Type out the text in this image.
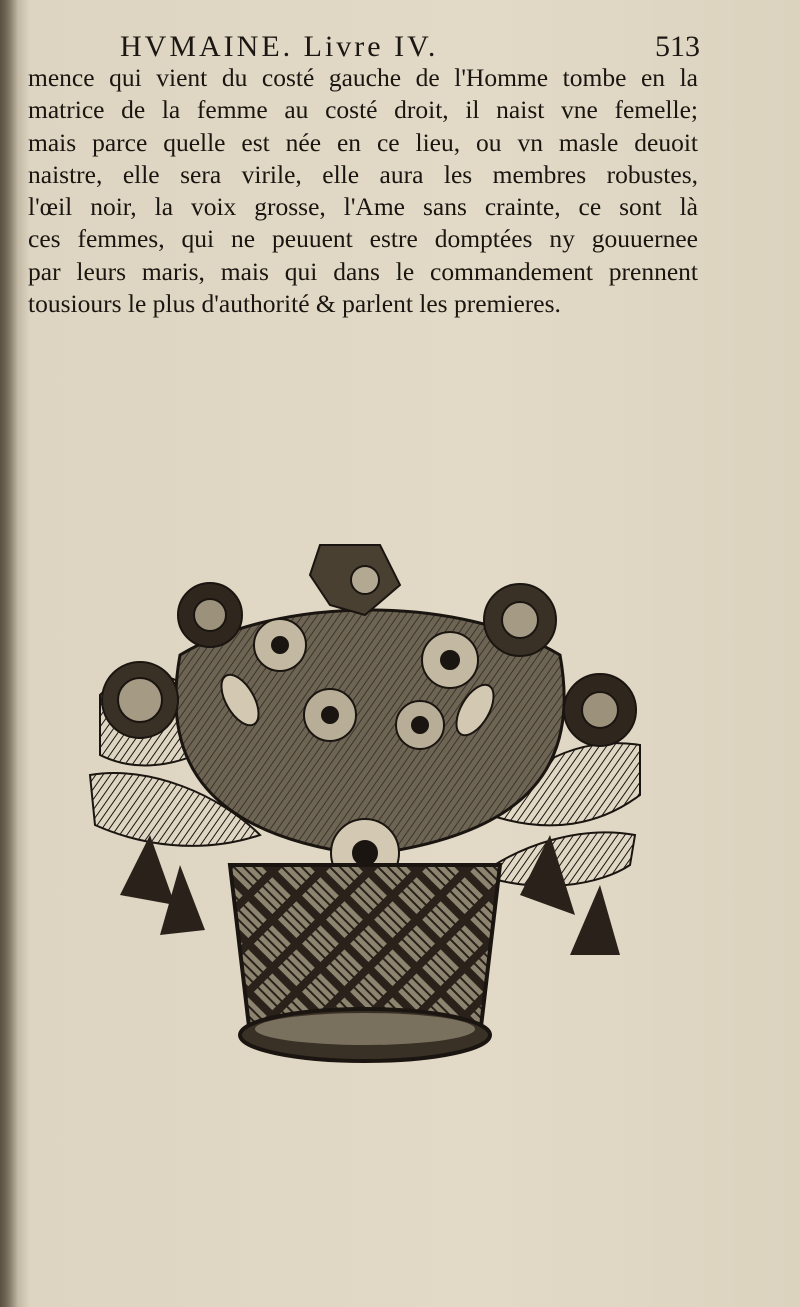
HVMAINE. Livre IV.	513
mence qui vient du costé gauche de l'Homme tombe en la
matrice de la femme au costé droit, il naist vne femelle;
mais parce quelle est née en ce lieu, ou vn masle deuoit
naistre, elle sera virile, elle aura les membres robustes,
l'œil noir, la voix grosse, l'Ame sans crainte, ce sont là
ces femmes, qui ne peuuent estre domptées ny gouuernee
par leurs maris, mais qui dans le commandement prennent
tousiours le plus d'authorité & parlent les premieres.
